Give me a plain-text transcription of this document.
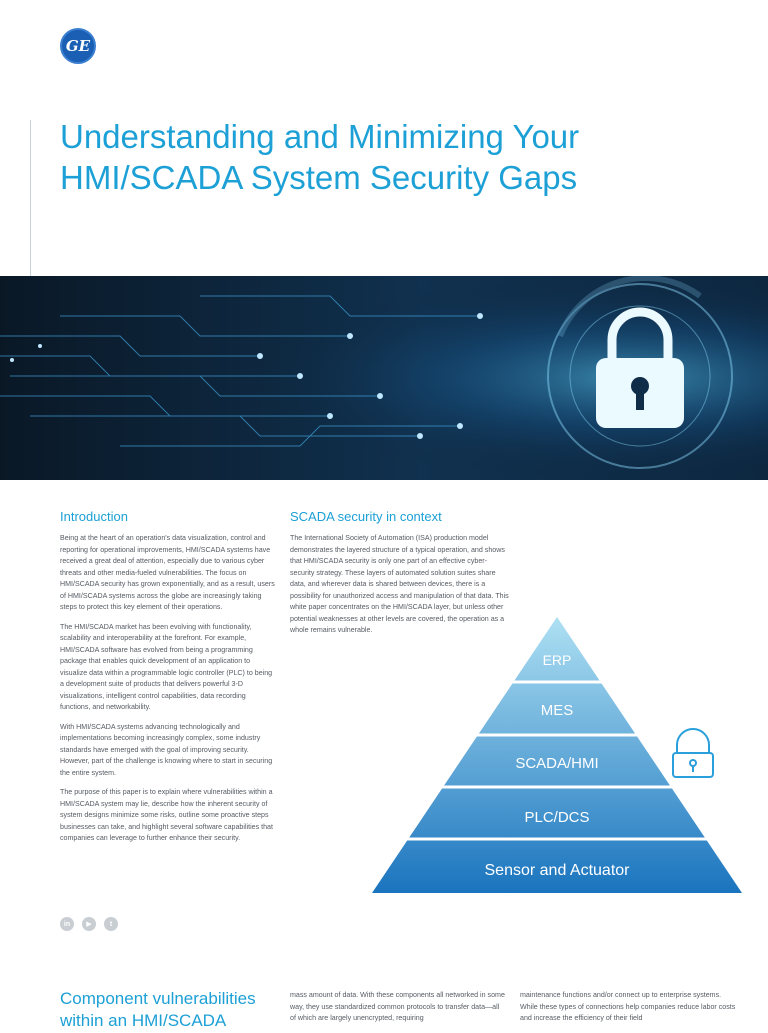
GE
Understanding and Minimizing Your HMI/SCADA System Security Gaps
Introduction	SCADA security in context

Being at the heart of an operation's data visualization, control and reporting for operational improvements, HMI/SCADA systems have received a great deal of attention, especially due to various cyber threats and other media-fueled vulnerabilities. The focus on HMI/SCADA security has grown exponentially, and as a result, users of HMI/SCADA systems across the globe are increasingly taking steps to protect this key element of their operations.

The HMI/SCADA market has been evolving with functionality, scalability and interoperability at the forefront. For example, HMI/SCADA software has evolved from being a programming package that enables quick development of an application to visualize data within a programmable logic controller (PLC) to being a development suite of products that delivers powerful 3-D visualizations, intelligent control capabilities, data recording functions, and networkability.

With HMI/SCADA systems advancing technologically and implementations becoming increasingly complex, some industry standards have emerged with the goal of improving security. However, part of the challenge is knowing where to start in securing the entire system.

The purpose of this paper is to explain where vulnerabilities within a HMI/SCADA system may lie, describe how the inherent security of system designs minimize some risks, outline some proactive steps businesses can take, and highlight several software capabilities that companies can leverage to further enhance their security.

The International Society of Automation (ISA) production model demonstrates the layered structure of a typical operation, and shows that HMI/SCADA security is only one part of an effective cyber-security strategy. These layers of automated solution suites share data, and wherever data is shared between devices, there is a possibility for unauthorized access and manipulation of that data. This white paper concentrates on the HMI/SCADA layer, but unless other potential weaknesses at other levels are covered, the operation as a whole remains vulnerable.

ERP
MES
SCADA/HMI
PLC/DCS
Sensor and Actuator
in	▶	t
Component vulnerabilities within an HMI/SCADA

mass amount of data. With these components all networked in some way, they use standardized common protocols to transfer data—all of which are largely unencrypted, requiring

maintenance functions and/or connect up to enterprise systems. While these types of connections help companies reduce labor costs and increase the efficiency of their field
